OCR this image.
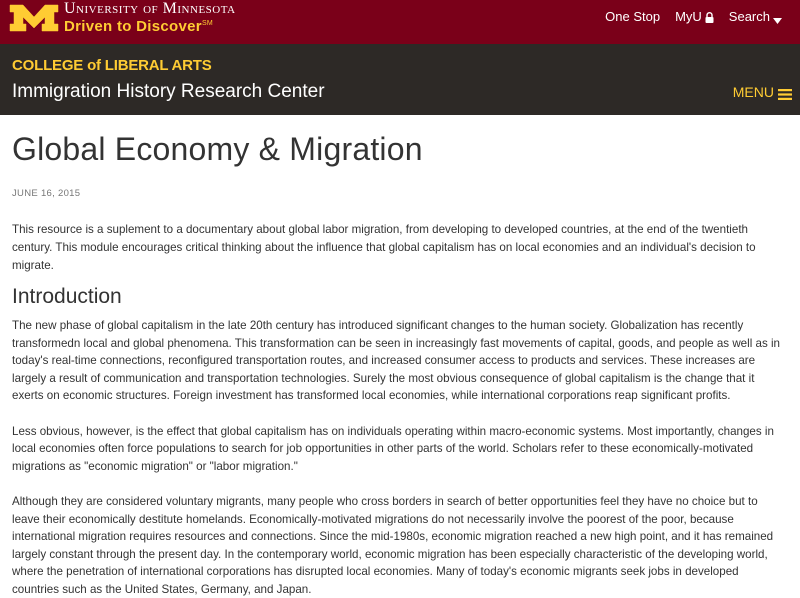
University of Minnesota
Driven to Discover℠	One Stop MyU Search
COLLEGE of LIBERAL ARTS
Immigration History Research Center	MENU
Global Economy & Migration
JUNE 16, 2015

This resource is a suplement to a documentary about global labor migration, from developing to developed countries, at the end of the twentieth century. This module encourages critical thinking about the influence that global capitalism has on local economies and an individual's decision to migrate.

Introduction

The new phase of global capitalism in the late 20th century has introduced significant changes to the human society. Globalization has recently transformedn local and global phenomena. This transformation can be seen in increasingly fast movements of capital, goods, and people as well as in today's real-time connections, reconfigured transportation routes, and increased consumer access to products and services. These increases are largely a result of communication and transportation technologies. Surely the most obvious consequence of global capitalism is the change that it exerts on economic structures. Foreign investment has transformed local economies, while international corporations reap significant profits.

Less obvious, however, is the effect that global capitalism has on individuals operating within macro-economic systems. Most importantly, changes in local economies often force populations to search for job opportunities in other parts of the world. Scholars refer to these economically-motivated migrations as "economic migration" or "labor migration."

Although they are considered voluntary migrants, many people who cross borders in search of better opportunities feel they have no choice but to leave their economically destitute homelands. Economically-motivated migrations do not necessarily involve the poorest of the poor, because international migration requires resources and connections. Since the mid-1980s, economic migration reached a new high point, and it has remained largely constant through the present day. In the contemporary world, economic migration has been especially characteristic of the developing world, where the penetration of international corporations has disrupted local economies. Many of today's economic migrants seek jobs in developed countries such as the United States, Germany, and Japan.
